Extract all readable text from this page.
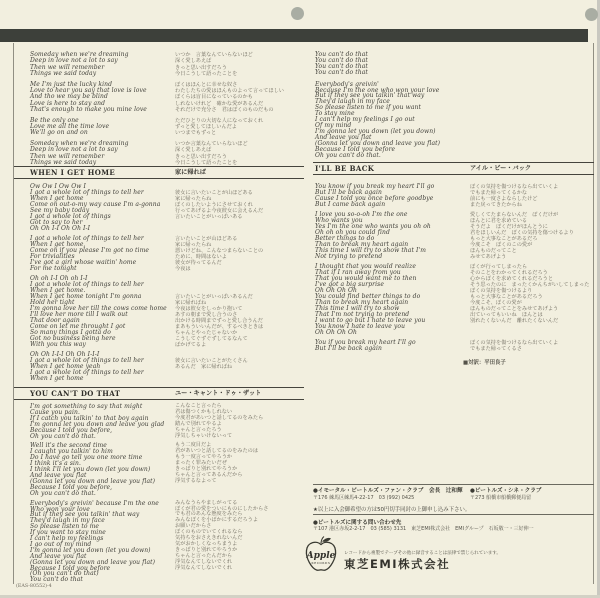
Someday when we're dreaming
Deep in love not a lot to say
Then we will remember
Things we said today
いつか　言葉なんていらないほど
深く愛しあえば
きっと思い出すだろう
今日こうして語ったことを
Me I'm just the lucky kind
Love to hear you say that love is love
And tho we may be blind
Love is here to stay and
That's enough to make you mine love
ぼくはほんとに幸せな奴さ
わたしたちの愛はほんものよって言ってほしい
ぼくらは盲目になっているのかも
しれないけれど　確かな愛があるんだ
それだけで充分さ　君はぼくのものだもの
Be the only one
Love me all the time love
We'll go on and on
ただひとりの大切な人になっておくれ
ずっと愛してほしいんだよ
いつまでもずっと
Someday when we're dreaming
Deep in love not a lot to say
Then we will remember
Things we said today
いつか言葉なんていらないほど
深く愛しあえば
きっと思い出すだろう
今日こうして語ったことを
WHEN I GET HOME	家に帰れば
Ow Ow I Ow Ow I
I got a whole lot of things to tell her
When I get home
Come on out-o-my way cause I'm a-gonna
See my baby today
I got a whole lot of things
Got to say to her
Oh Oh I-I Oh Oh I-I
彼女に言いたいことが山ほどある
家に帰ったらね
ぼくのしたいようにさせておくれ
行ってあげるよ今夜彼女に会えるんだ
言いたいことがいっぱいある
I got a whole lot of things to tell her
When I get home,
Come on if you please I'm got no time
For trivialities
I've got a girl whose waitin' home
For me tonight
言いたいことが山ほどある
家に帰ったらね
悪いけどね、こんなつまらないことの
ために、時間はないよ
彼女が待ってるんだ
今夜は
Oh oh I-I Oh oh I-I
I got a whole lot of things to tell her
When I get home.
When I get home tonight I'm gonna
Hold her tight
I'm gonna love her till the cows come home
I'll love her more till I walk out
That door again
Come on let me throught I got
So many things I gotta do
Got no business being here
With you this way
言いたいことがいっぱいあるんだ
家に帰ればね
今夜は彼女をしっかり抱いて
あすの朝まで愛し合うのさ
出かける時間までずっと愛し合うんだ
まあもういいんだが、するべきときは
ちゃんとやったじゃないか
こうしてぐずぐずしてるなんて
ばかげてるよ
Oh Oh I-I-I Oh Oh I-I-I
I got a whole lot of things to tell her
When I get home yeah
I got a whole lot of things to tell her
When I get home
彼女に言いたいことがたくさん
あるんだ　家に帰ればね
YOU CAN'T DO THAT	ユー・キャント・ドゥ・ザット
I'm got something to say that might
Cause you pain.
If I catch you talkin' to that boy again
I'm gonna let you down and leave you glad
Because I told you before,
Oh you can't do that.
こんなこと言ったら
君は傷つくかもしれない
今度君があいつと話してるのをみたら
踏んで別れてやるよ
ちゃんと言ったろう
浮気しちゃいけないって
Well it's the second time
I caught you talkin' to him
Do I have go tell you one more time
I think it's a sin.
I think I'll let you down (let you down)
And leave you flat
(Gonna let you down and leave you flat)
Because I told you before,
Oh you can't do that.
もう二度目だよ
君があいつと話してるのをみたのは
もう一度言ってやろうか
まったく罪みたいだぜ
きっぱりと別れてやろうか
ちゃんと言ってあるんだから
浮気するなよって
Everybody's greivin' because I'm the one
Who won your love
But if they see you talkin' that way
They'd laugh in my face
So please listen to me
If you want to stay mine
I can't help my feelings
I go out of my mind
I'm gonna let you down (let you down)
And leave you flat
(Gonna let you down and leave you flat)
Because I told you before
(Oh you can't do that)
You can't do that
みんなうらやましがってる
ぼくが君の愛をついにものにしたからさ
でも君のあんな態度をみたら
みんなぼくを小ばかにするだろうよ
お願いだからさ
ぼくのものでいてくれるなら
気持ちをおさえきれないんだ
気がおかしくなっちまうよ
きっぱりと別れてやろうか
ちゃんと言ったんだから
浮気なんてしないでくれ
浮気なんてしないでくれ
You can't do that
You can't do that
You can't do that
You can't do that
Everybody's greivin'
Because I'm the one who won your love
But if they see you talkin' that way
They'd laugh in my face
So please listen to me if you want
To stay mine
I can't help my feelings I go out
Of my mind
I'm gonna let you down (let you down)
And leave you flat
(Gonna let you down and leave you flat)
Because I told you before
Oh you can't do that.
I'LL BE BACK	アイル・ビー・バック
You know if you break my heart I'll go
But I'll be back again
Cause I told you once before goodbye
But I came back again
ぼくの気持を傷つけるなら出ていくよ
でもまた帰ってくるかな
前にも一度さよならしたけど
また戻ってきたからね
I love you so-o-oh I'm the one
Who wants you
Yes I'm the one who wants you oh oh
Oh oh oh you could find
Better things to do
Than to break my heart again
This time I will try to show that I'm
Not trying to pretend
愛しくてたまらないんだ　ぼくだけが
ほんとに君を求めている
そうだよ　ぼくだけがほんとうに
君をほしいんだ　ぼくの気持を傷つけるより
もっと大事なことがあるだろ
今度こそ　ぼくのこの愛が
ほんものだってこと
みせてあげよう
I thought that you would realize
That if I ran away from you
That you would want me to then
I've got a big surprise
Oh Oh Oh Oh
You could find better things to do
Than to break my heart again
This time I will try to show
That I'm not trying to pretend
I want to go but I hate to leave you
You know I hate to leave you
Oh Oh Oh Oh
ぼくが行ってしまったら
そのことをわかってくれるだろう
心からぼくを求めてくれるだろうと
そう思ったのに　まったくかんちがいしてしまった
ぼくの気持を傷つけるより
もっと大事なことがあるだろう
今度こそ、ぼくの愛が
ほんものだってことをみせてあげよう
出ていってもいいね　ほんとは
別れたくないんだ　離れたくないんだ
You if you break my heart I'll go
But I'll be back again
ぼくの気持を傷つけるなら出ていくよ
でもまた帰ってくるさ
■対訳：平田良子
●イモータル・ビートルズ・ファン・クラブ　会長　辻和輝
〒176 練馬区練馬4-22-17　03 (992) 0425
●ビートルズ・シネ・クラブ
〒273 船橋市船橋郵便局留
★以上に入会御希望の方は50円切手同封の上御申し込み下さい。
●ビートルズに関する問い合わせ先
〒107 港区赤坂2-2-17　03 (585) 3131　東芝EMI株式会社　EMIグループ　石坂敬一・三好伸一
Apple
RECORDS
レコードから複製でテープその他に録音することは法律で禁じられています。
東芝EMI株式会社
(EAS-80552)-4
